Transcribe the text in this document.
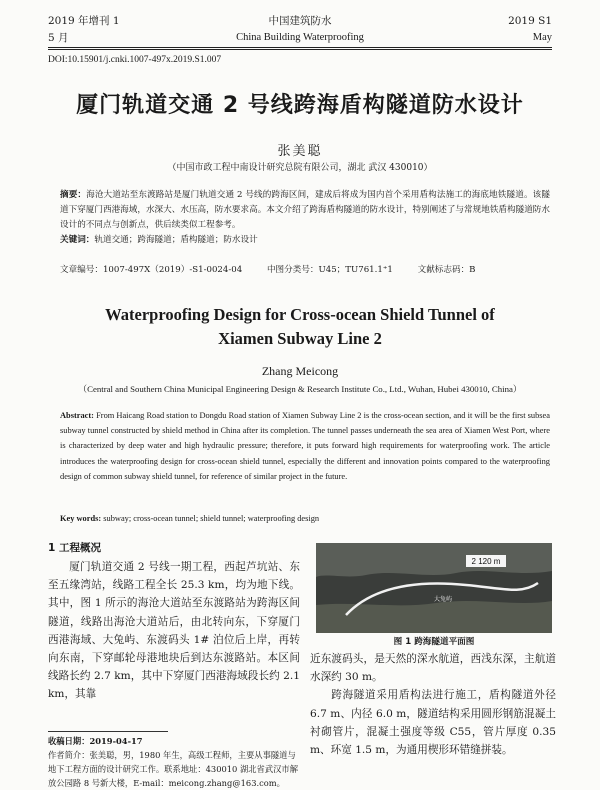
2019 年增刊 1
5 月
中国建筑防水
China Building Waterproofing
2019 S1
May
DOI:10.15901/j.cnki.1007-497x.2019.S1.007
厦门轨道交通 2 号线跨海盾构隧道防水设计
张美聪
（中国市政工程中南设计研究总院有限公司，湖北 武汉 430010）
摘要：海沧大道站至东渡路站是厦门轨道交通 2 号线的跨海区间，建成后将成为国内首个采用盾构法施工的海底地铁隧道。该隧道下穿厦门西港海域，水深大、水压高，防水要求高。本文介绍了跨海盾构隧道的防水设计，特别阐述了与常规地铁盾构隧道防水设计的不同点与创新点，供后续类似工程参考。
关键词：轨道交通；跨海隧道；盾构隧道；防水设计
文章编号：1007-497X（2019）-S1-0024-04	中图分类号：U45；TU761.1⁺1	文献标志码：B
Waterproofing Design for Cross-ocean Shield Tunnel of
Xiamen Subway Line 2
Zhang Meicong
（Central and Southern China Municipal Engineering Design & Research Institute Co., Ltd., Wuhan, Hubei 430010, China）
Abstract: From Haicang Road station to Dongdu Road station of Xiamen Subway Line 2 is the cross-ocean section, and it will be the first subsea subway tunnel constructed by shield method in China after its completion. The tunnel passes underneath the sea area of Xiamen West Port, where is characterized by deep water and high hydraulic pressure; therefore, it puts forward high requirements for waterproofing work. The article introduces the waterproofing design for cross-ocean shield tunnel, especially the different and innovation points compared to the waterproofing design of common subway shield tunnel, for reference of similar project in the future.
Key words: subway; cross-ocean tunnel; shield tunnel; waterproofing design
1 工程概况

厦门轨道交通 2 号线一期工程，西起芦坑站、东至五缘湾站，线路工程全长 25.3 km，均为地下线。其中，图 1 所示的海沧大道站至东渡路站为跨海区间隧道，线路出海沧大道站后，由北转向东，下穿厦门西港海域、大兔屿、东渡码头 1# 泊位后上岸，再转向东南，下穿邮轮母港地块后到达东渡路站。本区间线路长约 2.7 km，其中下穿厦门西港海域段长约 2.1 km，其靠

2 120 m
大兔屿
图 1 跨海隧道平面图

近东渡码头，是天然的深水航道，西浅东深，主航道水深约 30 m。

跨海隧道采用盾构法进行施工，盾构隧道外径 6.7 m、内径 6.0 m，隧道结构采用圆形钢筋混凝土衬砌管片，混凝土强度等级 C55，管片厚度 0.35 m、环宽 1.5 m，为通用楔形环错缝拼装。

收稿日期：2019-04-17
作者简介：张美聪，男，1980 年生，高级工程师，主要从事隧道与地下工程方面的设计研究工作。联系地址：430010 湖北省武汉市解放公园路 8 号新大楼，E-mail：meicong.zhang@163.com。
